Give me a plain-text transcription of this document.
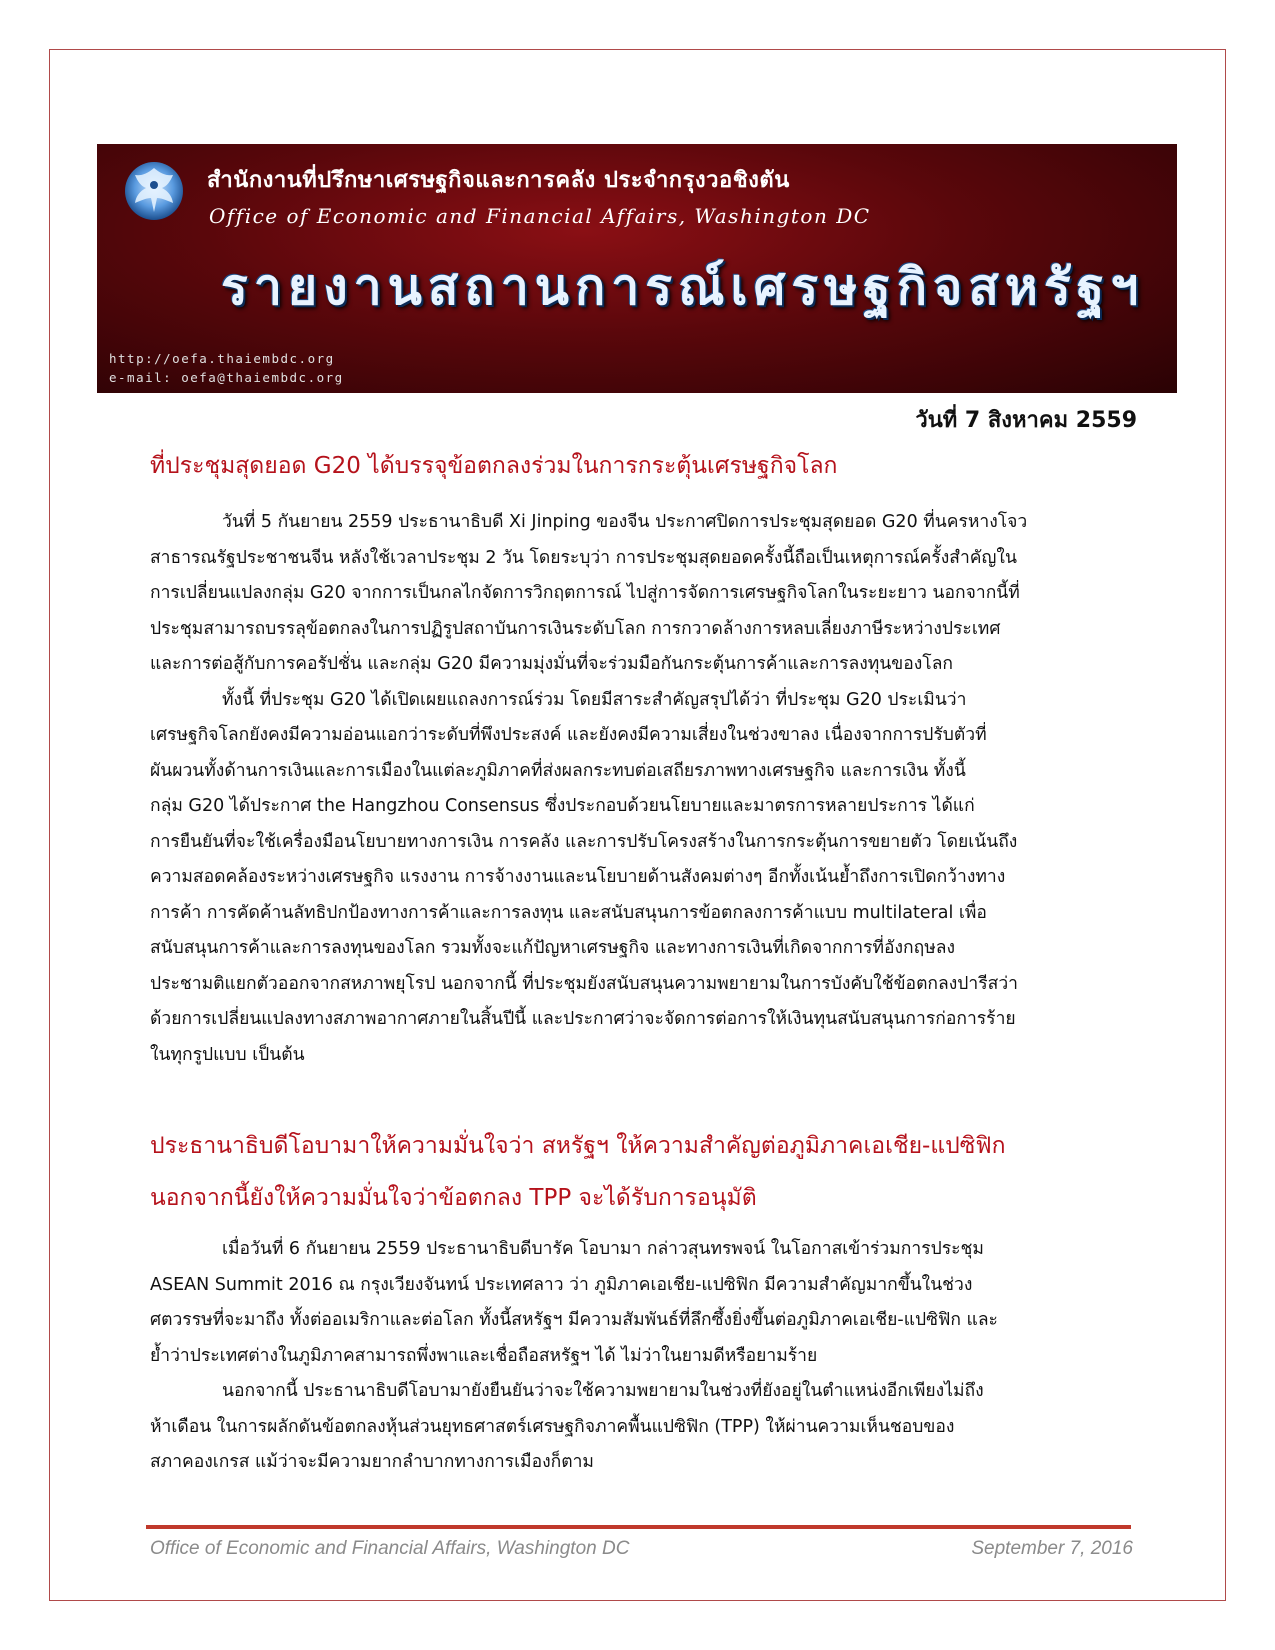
สำนักงานที่ปรึกษาเศรษฐกิจและการคลัง ประจำกรุงวอชิงตัน
Office of Economic and Financial Affairs, Washington DC
รายงานสถานการณ์เศรษฐกิจสหรัฐฯ
http://oefa.thaiembdc.org
e-mail: oefa@thaiembdc.org
วันที่ 7 สิงหาคม 2559
ที่ประชุมสุดยอด G20 ได้บรรจุข้อตกลงร่วมในการกระตุ้นเศรษฐกิจโลก
วันที่ 5 กันยายน 2559 ประธานาธิบดี Xi Jinping ของจีน ประกาศปิดการประชุมสุดยอด G20 ที่นครหางโจว
สาธารณรัฐประชาชนจีน หลังใช้เวลาประชุม 2 วัน โดยระบุว่า การประชุมสุดยอดครั้งนี้ถือเป็นเหตุการณ์ครั้งสำคัญใน
การเปลี่ยนแปลงกลุ่ม G20 จากการเป็นกลไกจัดการวิกฤตการณ์ ไปสู่การจัดการเศรษฐกิจโลกในระยะยาว นอกจากนี้ที่
ประชุมสามารถบรรลุข้อตกลงในการปฏิรูปสถาบันการเงินระดับโลก การกวาดล้างการหลบเลี่ยงภาษีระหว่างประเทศ
และการต่อสู้กับการคอรัปชั่น และกลุ่ม G20 มีความมุ่งมั่นที่จะร่วมมือกันกระตุ้นการค้าและการลงทุนของโลก
ทั้งนี้ ที่ประชุม G20 ได้เปิดเผยแถลงการณ์ร่วม โดยมีสาระสำคัญสรุปได้ว่า ที่ประชุม G20 ประเมินว่า
เศรษฐกิจโลกยังคงมีความอ่อนแอกว่าระดับที่พึงประสงค์ และยังคงมีความเสี่ยงในช่วงขาลง เนื่องจากการปรับตัวที่
ผันผวนทั้งด้านการเงินและการเมืองในแต่ละภูมิภาคที่ส่งผลกระทบต่อเสถียรภาพทางเศรษฐกิจ และการเงิน ทั้งนี้
กลุ่ม G20 ได้ประกาศ the Hangzhou Consensus ซึ่งประกอบด้วยนโยบายและมาตรการหลายประการ ได้แก่
การยืนยันที่จะใช้เครื่องมือนโยบายทางการเงิน การคลัง และการปรับโครงสร้างในการกระตุ้นการขยายตัว โดยเน้นถึง
ความสอดคล้องระหว่างเศรษฐกิจ แรงงาน การจ้างงานและนโยบายด้านสังคมต่างๆ อีกทั้งเน้นย้ำถึงการเปิดกว้างทาง
การค้า การคัดค้านลัทธิปกป้องทางการค้าและการลงทุน และสนับสนุนการข้อตกลงการค้าแบบ multilateral เพื่อ
สนับสนุนการค้าและการลงทุนของโลก รวมทั้งจะแก้ปัญหาเศรษฐกิจ และทางการเงินที่เกิดจากการที่อังกฤษลง
ประชามติแยกตัวออกจากสหภาพยุโรป นอกจากนี้ ที่ประชุมยังสนับสนุนความพยายามในการบังคับใช้ข้อตกลงปารีสว่า
ด้วยการเปลี่ยนแปลงทางสภาพอากาศภายในสิ้นปีนี้ และประกาศว่าจะจัดการต่อการให้เงินทุนสนับสนุนการก่อการร้าย
ในทุกรูปแบบ เป็นต้น
ประธานาธิบดีโอบามาให้ความมั่นใจว่า สหรัฐฯ ให้ความสำคัญต่อภูมิภาคเอเชีย-แปซิฟิก
นอกจากนี้ยังให้ความมั่นใจว่าข้อตกลง TPP จะได้รับการอนุมัติ
เมื่อวันที่ 6 กันยายน 2559 ประธานาธิบดีบารัค โอบามา กล่าวสุนทรพจน์ ในโอกาสเข้าร่วมการประชุม
ASEAN Summit 2016 ณ กรุงเวียงจันทน์ ประเทศลาว ว่า ภูมิภาคเอเชีย-แปซิฟิก มีความสำคัญมากขึ้นในช่วง
ศตวรรษที่จะมาถึง ทั้งต่ออเมริกาและต่อโลก ทั้งนี้สหรัฐฯ มีความสัมพันธ์ที่ลึกซึ้งยิ่งขึ้นต่อภูมิภาคเอเชีย-แปซิฟิก และ
ย้ำว่าประเทศต่างในภูมิภาคสามารถพึ่งพาและเชื่อถือสหรัฐฯ ได้ ไม่ว่าในยามดีหรือยามร้าย
นอกจากนี้ ประธานาธิบดีโอบามายังยืนยันว่าจะใช้ความพยายามในช่วงที่ยังอยู่ในตำแหน่งอีกเพียงไม่ถึง
ห้าเดือน ในการผลักดันข้อตกลงหุ้นส่วนยุทธศาสตร์เศรษฐกิจภาคพื้นแปซิฟิก (TPP) ให้ผ่านความเห็นชอบของ
สภาคองเกรส แม้ว่าจะมีความยากลำบากทางการเมืองก็ตาม
Office of Economic and Financial Affairs, Washington DC	September 7, 2016
